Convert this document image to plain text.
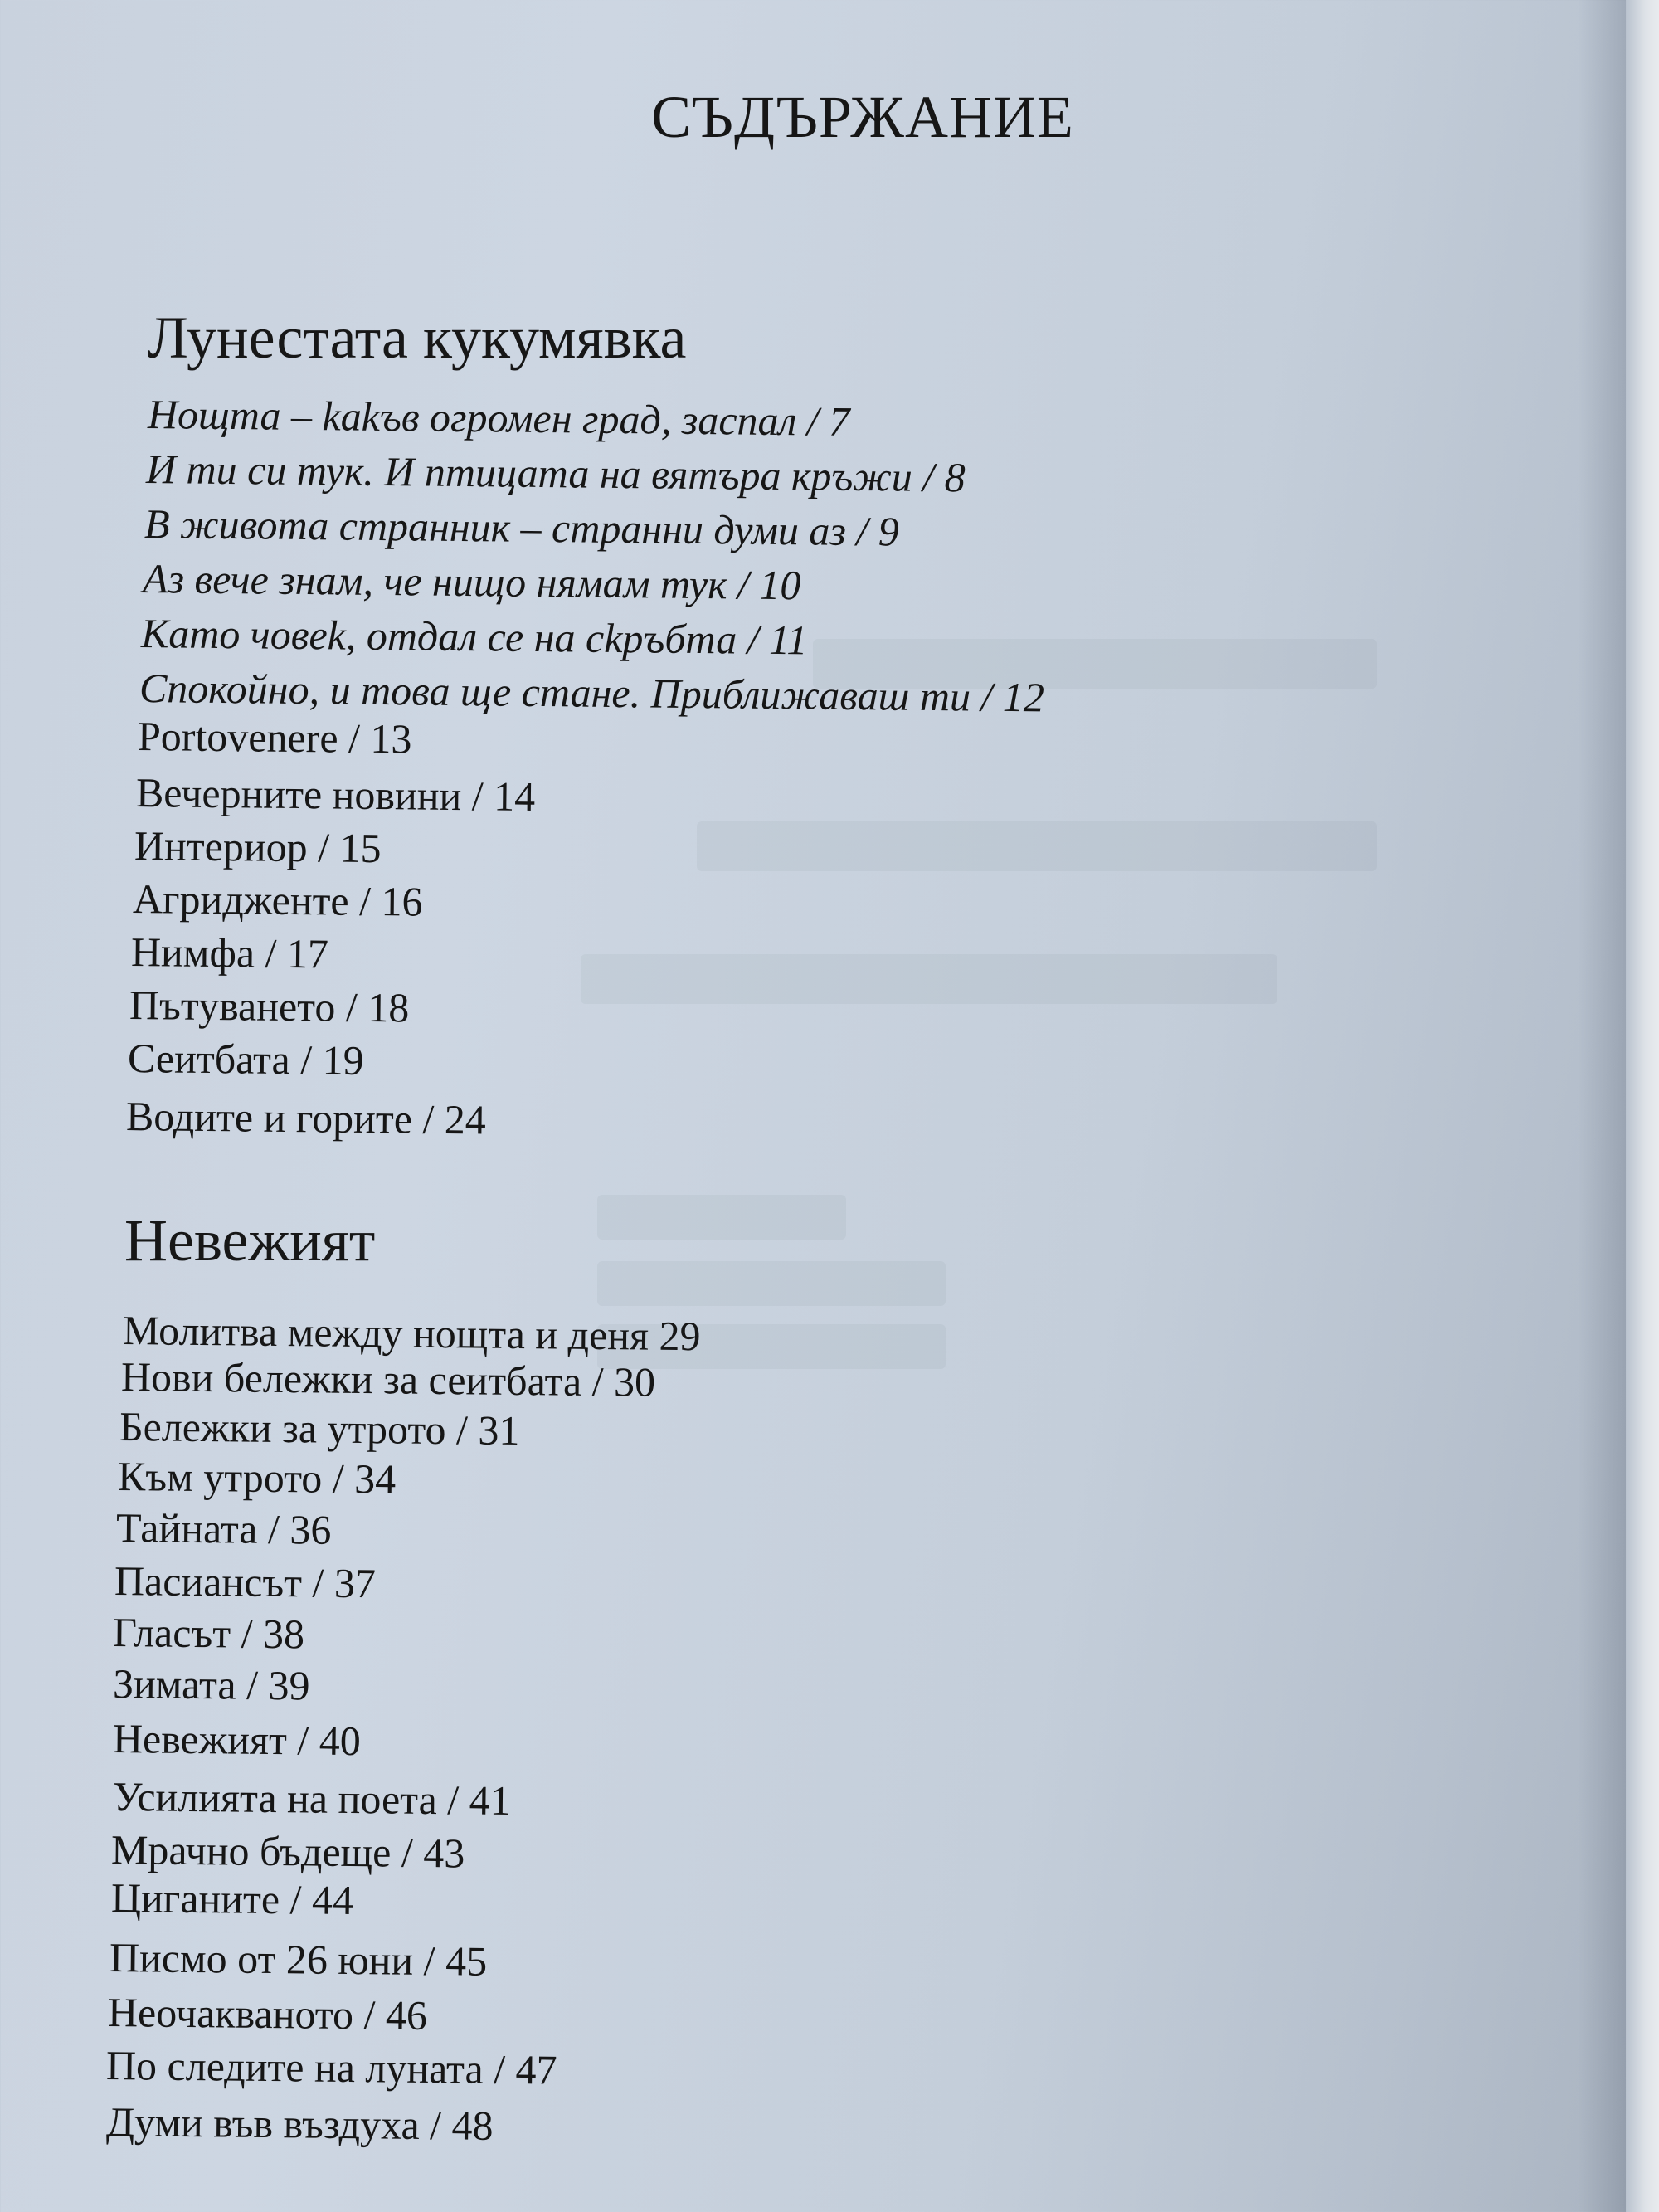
СЪДЪРЖАНИЕ
Лунестата кукумявка
Нощта – kakъв огромен град, заспал / 7
И ти си тук. И птицата на вятъра кръжи / 8
В живота странник – странни думи аз / 9
Аз вече знам, че нищо нямам тук / 10
Kато човеk, отдал се на сkръбта / 11
Спокойно, и това ще стане. Приближаваш ти / 12
Portovenere / 13
Вечерните новини / 14
Интериор / 15
Агридженте / 16
Нимфа / 17
Пътуването / 18
Сеитбата / 19
Водите и горите / 24
Невежият
Молитва между нощта и деня 29
Нови бележки за сеитбата / 30
Бележки за утрото / 31
Към утрото / 34
Тайната / 36
Пасиансът / 37
Гласът / 38
Зимата / 39
Невежият / 40
Усилията на поета / 41
Мрачно бъдеще / 43
Циганите / 44
Писмо от 26 юни / 45
Неочакваното / 46
По следите на луната / 47
Думи във въздуха / 48
